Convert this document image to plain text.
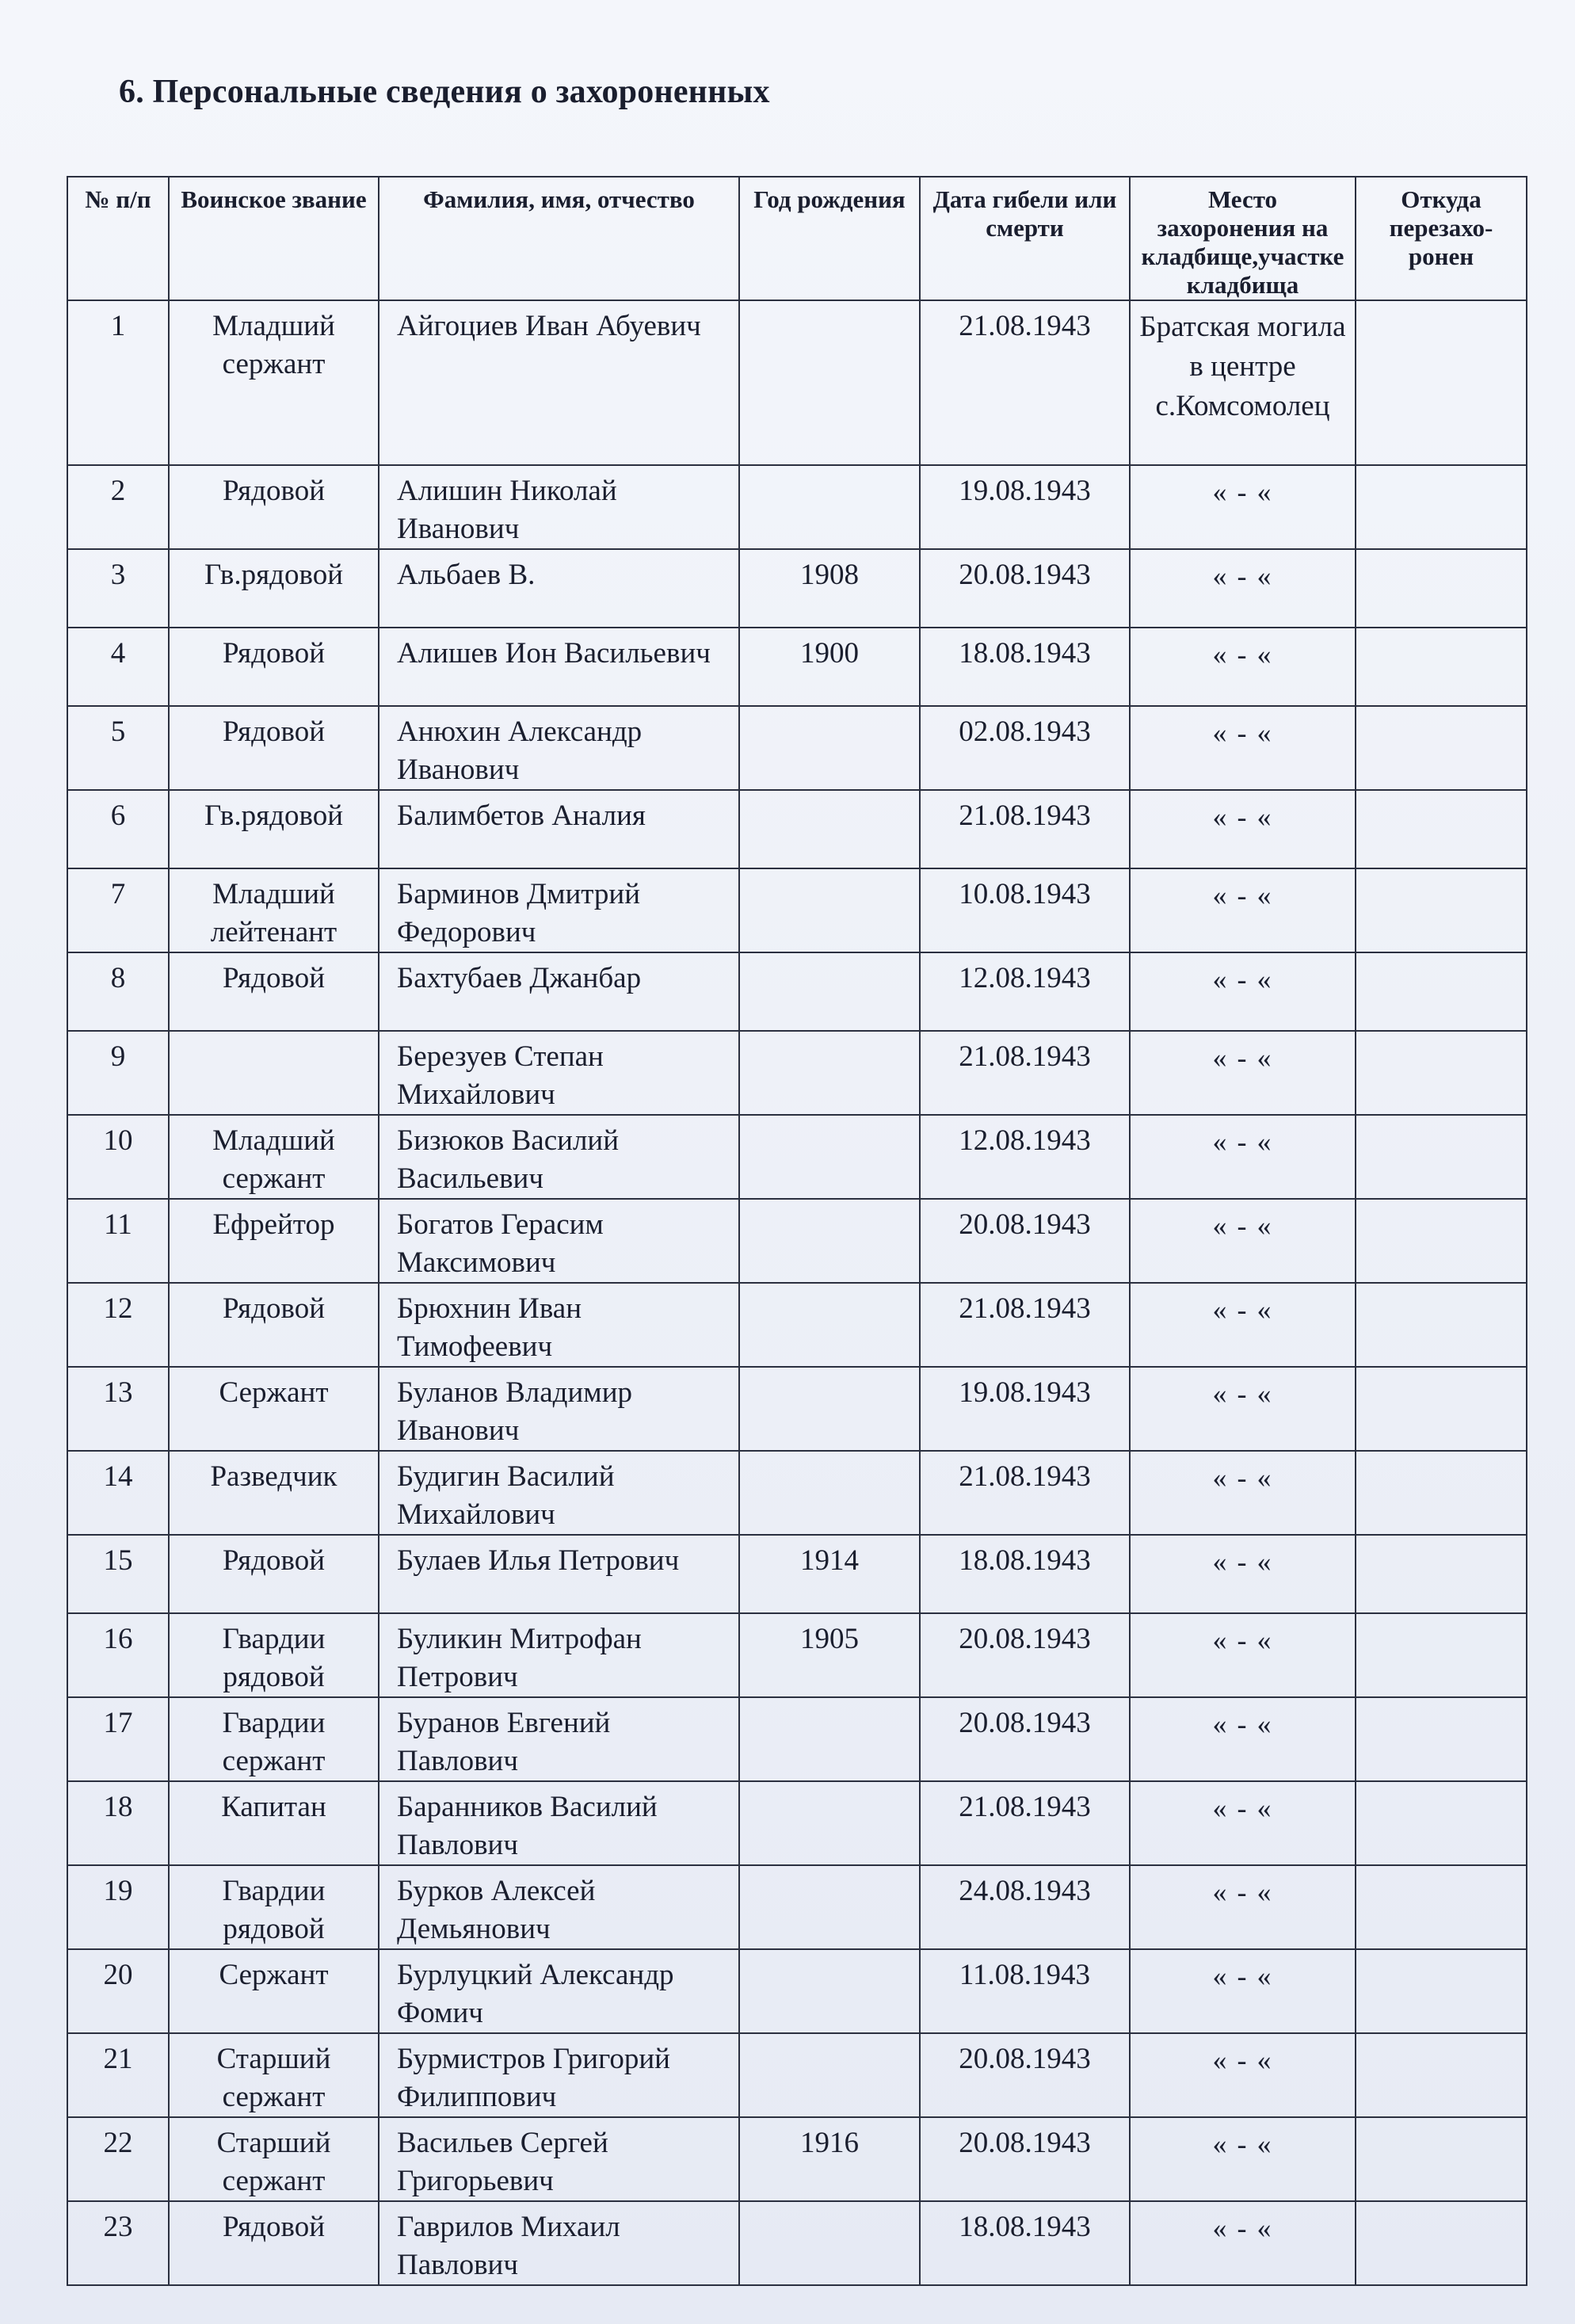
6. Персональные сведения о захороненных
№ п/п	Воинское звание	Фамилия, имя, отчество	Год рождения	Дата гибели или смерти	Место захоронения на кладбище,участке кладбища	Откуда перезахо-ронен
1	Младший сержант	Айгоциев Иван Абуевич		21.08.1943	Братская могила в центре с.Комсомолец	
2	Рядовой	Алишин Николай Иванович		19.08.1943	« - «	
3	Гв.рядовой	Альбаев В.	1908	20.08.1943	« - «	
4	Рядовой	Алишев Ион Васильевич	1900	18.08.1943	« - «	
5	Рядовой	Анюхин Александр Иванович		02.08.1943	« - «	
6	Гв.рядовой	Балимбетов Аналия		21.08.1943	« - «	
7	Младший лейтенант	Барминов Дмитрий Федорович		10.08.1943	« - «	
8	Рядовой	Бахтубаев Джанбар		12.08.1943	« - «	
9		Березуев Степан Михайлович		21.08.1943	« - «	
10	Младший сержант	Бизюков Василий Васильевич		12.08.1943	« - «	
11	Ефрейтор	Богатов Герасим Максимович		20.08.1943	« - «	
12	Рядовой	Брюхнин Иван Тимофеевич		21.08.1943	« - «	
13	Сержант	Буланов Владимир Иванович		19.08.1943	« - «	
14	Разведчик	Будигин Василий Михайлович		21.08.1943	« - «	
15	Рядовой	Булаев Илья Петрович	1914	18.08.1943	« - «	
16	Гвардии рядовой	Буликин Митрофан Петрович	1905	20.08.1943	« - «	
17	Гвардии сержант	Буранов Евгений Павлович		20.08.1943	« - «	
18	Капитан	Баранников Василий Павлович		21.08.1943	« - «	
19	Гвардии рядовой	Бурков Алексей Демьянович		24.08.1943	« - «	
20	Сержант	Бурлуцкий Александр Фомич		11.08.1943	« - «	
21	Старший сержант	Бурмистров Григорий Филиппович		20.08.1943	« - «	
22	Старший сержант	Васильев Сергей Григорьевич	1916	20.08.1943	« - «	
23	Рядовой	Гаврилов Михаил Павлович		18.08.1943	« - «	
